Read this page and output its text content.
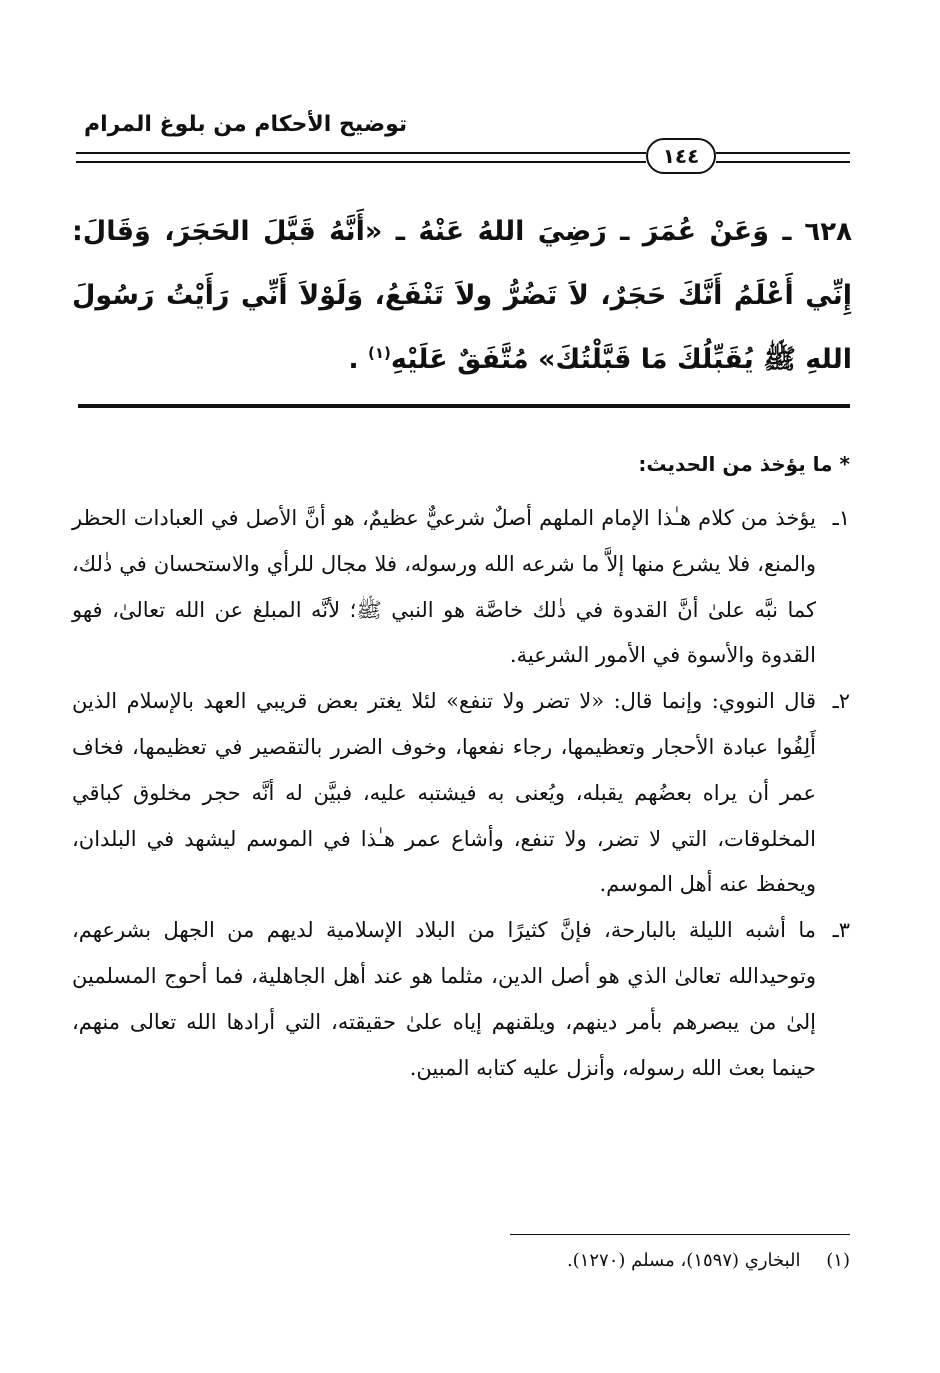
توضيح الأحكام من بلوغ المرام
١٤٤
٦٢٨ ـ وَعَنْ عُمَرَ ـ رَضِيَ اللهُ عَنْهُ ـ «أَنَّهُ قَبَّلَ الحَجَرَ، وَقَالَ: إِنِّي أَعْلَمُ أَنَّكَ حَجَرٌ، لاَ تَضُرُّ ولاَ تَنْفَعُ، وَلَوْلاَ أَنِّي رَأَيْتُ رَسُولَ اللهِ ﷺ يُقَبِّلُكَ مَا قَبَّلْتُكَ» مُتَّفَقٌ عَلَيْهِ$^{(١)}$ .
* ما يؤخذ من الحديث:
١ـ
يؤخذ من كلام هـٰذا الإمام الملهم أصلٌ شرعيٌّ عظيمٌ، هو أنَّ الأصل في العبادات الحظر والمنع، فلا يشرع منها إلاَّ ما شرعه الله ورسوله، فلا مجال للرأي والاستحسان في ذٰلك، كما نبَّه علىٰ أنَّ القدوة في ذٰلك خاصَّة هو النبي ﷺ؛ لأنَّه المبلغ عن الله تعالىٰ، فهو القدوة والأسوة في الأمور الشرعية.
٢ـ
قال النووي: وإنما قال: «لا تضر ولا تنفع» لئلا يغتر بعض قريبي العهد بالإسلام الذين أَلِفُوا عبادة الأحجار وتعظيمها، رجاء نفعها، وخوف الضرر بالتقصير في تعظيمها، فخاف عمر أن يراه بعضُهم يقبله، ويُعنى به فيشتبه عليه، فبيَّن له أنَّه حجر مخلوق كباقي المخلوقات، التي لا تضر، ولا تنفع، وأشاع عمر هـٰذا في الموسم ليشهد في البلدان، ويحفظ عنه أهل الموسم.
٣ـ
ما أشبه الليلة بالبارحة، فإنَّ كثيرًا من البلاد الإسلامية لديهم من الجهل بشرعهم، وتوحيدالله تعالىٰ الذي هو أصل الدين، مثلما هو عند أهل الجاهلية، فما أحوج المسلمين إلىٰ من يبصرهم بأمر دينهم، ويلقنهم إياه علىٰ حقيقته، التي أرادها الله تعالى منهم، حينما بعث الله رسوله، وأنزل عليه كتابه المبين.
(١) البخاري (١٥٩٧)، مسلم (١٢٧٠).
